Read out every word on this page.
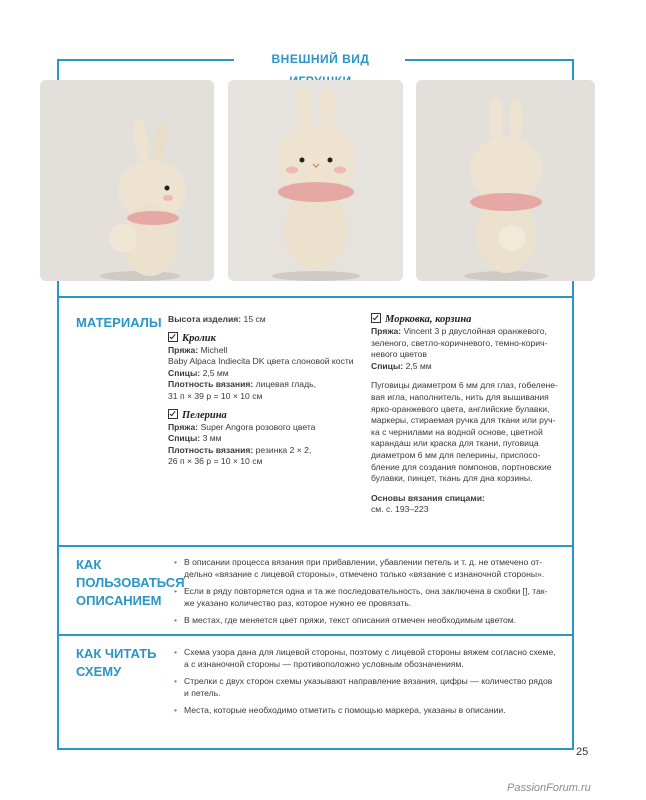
ВНЕШНИЙ ВИД
МАТЕРИАЛЫ Высота изделия: 15 см
Кролик
Пряжа: Michell
Baby Alpaca Indiecita DK цвета слоновой кости
Спицы: 2,5 мм
Плотность вязания: лицевая гладь,
31 п × 39 р = 10 × 10 см
Пелерина
Пряжа: Super Angora розового цвета
Спицы: 3 мм
Плотность вязания: резинка 2 × 2,
26 п × 36 р = 10 × 10 см
Морковка, корзина
Пряжа: Vincent 3 р двуслойная оранжевого,
зеленого, светло-коричневого, темно-корич-
невого цветов
Спицы: 2,5 мм
Пуговицы диаметром 6 мм для глаз, гобелене-
вая игла, наполнитель, нить для вышивания
ярко-оранжевого цвета, английские булавки,
маркеры, стираемая ручка для ткани или руч-
ка с чернилами на водной основе, цветной
карандаш или краска для ткани, пуговица
диаметром 6 мм для пелерины, приспосо-
бление для создания помпонов, портновские
булавки, пинцет, ткань для дна корзины.
Основы вязания спицами:
см. с. 193–223
КАК
ПОЛЬЗОВАТЬСЯ
ОПИСАНИЕМ
• В описании процесса вязания при прибавлении, убавлении петель и т. д. не отмечено от-
дельно «вязание с лицевой стороны», отмечено только «вязание с изнаночной стороны».
• Если в ряду повторяется одна и та же последовательность, она заключена в скобки [], так-
же указано количество раз, которое нужно ее провязать.
• В местах, где меняется цвет пряжи, текст описания отмечен необходимым цветом.
КАК ЧИТАТЬ
СХЕМУ
• Схема узора дана для лицевой стороны, поэтому с лицевой стороны вяжем согласно схеме,
а с изнаночной стороны — противоположно условным обозначениям.
• Стрелки с двух сторон схемы указывают направление вязания, цифры — количество рядов
и петель.
• Места, которые необходимо отметить с помощью маркера, указаны в описании.
25
PassionForum.ru
